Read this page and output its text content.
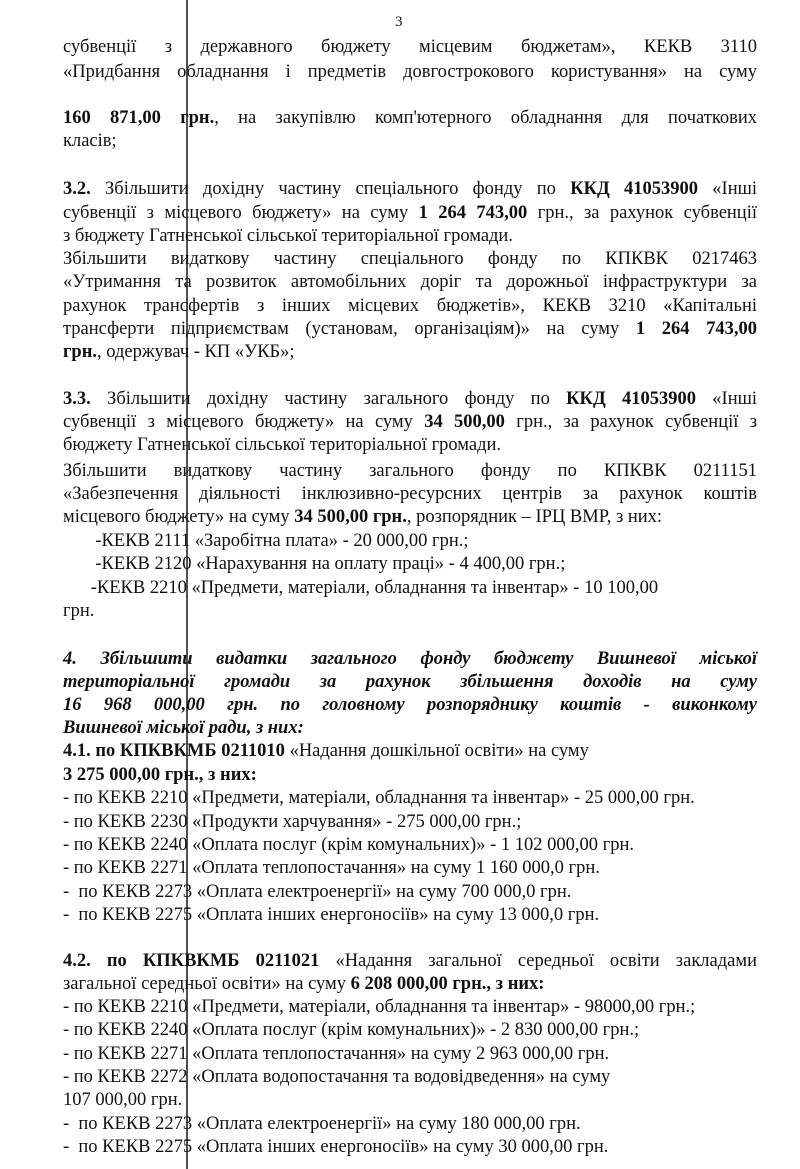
3
субвенції з державного бюджету місцевим бюджетам», КЕКВ 3110
«Придбання обладнання і предметів довгострокового користування» на суму
160 871,00 грн., на закупівлю комп'ютерного обладнання для початкових
класів;
3.2. Збільшити дохідну частину спеціального фонду по ККД 41053900 «Інші
субвенції з місцевого бюджету» на суму 1 264 743,00 грн., за рахунок субвенції
з бюджету Гатненської сільської територіальної громади.
Збільшити видаткову частину спеціального фонду по КПКВК 0217463
«Утримання та розвиток автомобільних доріг та дорожньої інфраструктури за
рахунок трансфертів з інших місцевих бюджетів», КЕКВ 3210 «Капітальні
трансферти підприємствам (установам, організаціям)» на суму 1 264 743,00
грн., одержувач - КП «УКБ»;
3.3. Збільшити дохідну частину загального фонду по ККД 41053900 «Інші
субвенції з місцевого бюджету» на суму 34 500,00 грн., за рахунок субвенції з
бюджету Гатненської сільської територіальної громади.
Збільшити видаткову частину загального фонду по КПКВК 0211151
«Забезпечення діяльності інклюзивно-ресурсних центрів за рахунок коштів
місцевого бюджету» на суму 34 500,00 грн., розпорядник – ІРЦ ВМР, з них:
-КЕКВ 2111 «Заробітна плата» - 20 000,00 грн.;
-КЕКВ 2120 «Нарахування на оплату праці» - 4 400,00 грн.;
-КЕКВ 2210 «Предмети, матеріали, обладнання та інвентар» - 10 100,00
грн.
4. Збільшити видатки загального фонду бюджету Вишневої міської
територіальної громади за рахунок збільшення доходів на суму
16 968 000,00 грн. по головному розпоряднику коштів - виконкому
Вишневої міської ради, з них:
4.1. по КПКВКМБ 0211010 «Надання дошкільної освіти» на суму
3 275 000,00 грн., з них:
- по КЕКВ 2210 «Предмети, матеріали, обладнання та інвентар» - 25 000,00 грн.
- по КЕКВ 2230 «Продукти харчування» - 275 000,00 грн.;
- по КЕКВ 2240 «Оплата послуг (крім комунальних)» - 1 102 000,00 грн.
- по КЕКВ 2271 «Оплата теплопостачання» на суму 1 160 000,0 грн.
-  по КЕКВ 2273 «Оплата електроенергії» на суму 700 000,0 грн.
-  по КЕКВ 2275 «Оплата інших енергоносіїв» на суму 13 000,0 грн.
4.2. по КПКВКМБ 0211021 «Надання загальної середньої освіти закладами
загальної середньої освіти» на суму 6 208 000,00 грн., з них:
- по КЕКВ 2210 «Предмети, матеріали, обладнання та інвентар» - 98000,00 грн.;
- по КЕКВ 2240 «Оплата послуг (крім комунальних)» - 2 830 000,00 грн.;
- по КЕКВ 2271 «Оплата теплопостачання» на суму 2 963 000,00 грн.
- по КЕКВ 2272 «Оплата водопостачання та водовідведення» на суму
107 000,00 грн.
-  по КЕКВ 2273 «Оплата електроенергії» на суму 180 000,00 грн.
-  по КЕКВ 2275 «Оплата інших енергоносіїв» на суму 30 000,00 грн.
